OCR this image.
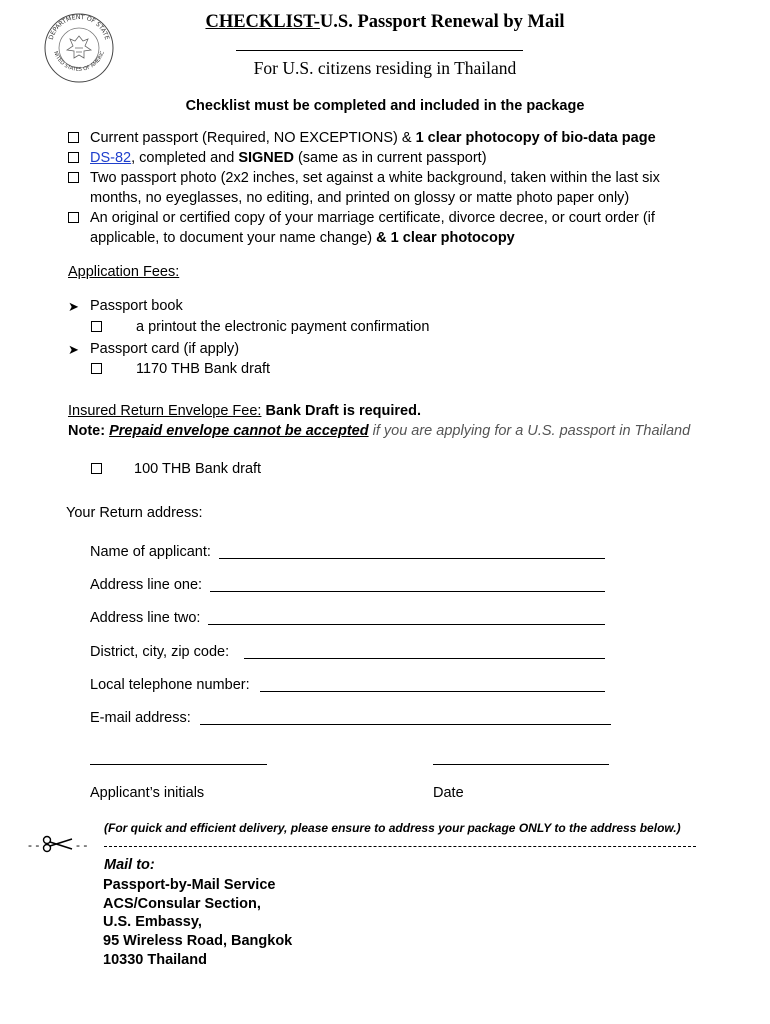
DEPARTMENT OF STATE
NITED STATES OF AMERIC
CHECKLIST-U.S. Passport Renewal by Mail
For U.S. citizens residing in Thailand
Checklist must be completed and included in the package
Current passport (Required, NO EXCEPTIONS) & 1 clear photocopy of bio-data page
DS-82, completed and SIGNED (same as in current passport)
Two passport photo (2x2 inches, set against a white background, taken within the last six
months, no eyeglasses, no editing, and printed on glossy or matte photo paper only)
An original or certified copy of your marriage certificate, divorce decree, or court order (if
applicable, to document your name change) & 1 clear photocopy
Application Fees:
➤ Passport book
a printout the electronic payment confirmation
➤ Passport card (if apply)
1170 THB Bank draft
Insured Return Envelope Fee: Bank Draft is required.
Note: Prepaid envelope cannot be accepted if you are applying for a U.S. passport in Thailand
100 THB Bank draft
Your Return address:
Name of applicant:
Address line one:
Address line two:
District, city, zip code:
Local telephone number:
E-mail address:
Applicant’s initials	Date
(For quick and efficient delivery, please ensure to address your package ONLY to the address below.)
- -	- -
Mail to:
Passport-by-Mail Service
ACS/Consular Section,
U.S. Embassy,
95 Wireless Road, Bangkok
10330 Thailand
